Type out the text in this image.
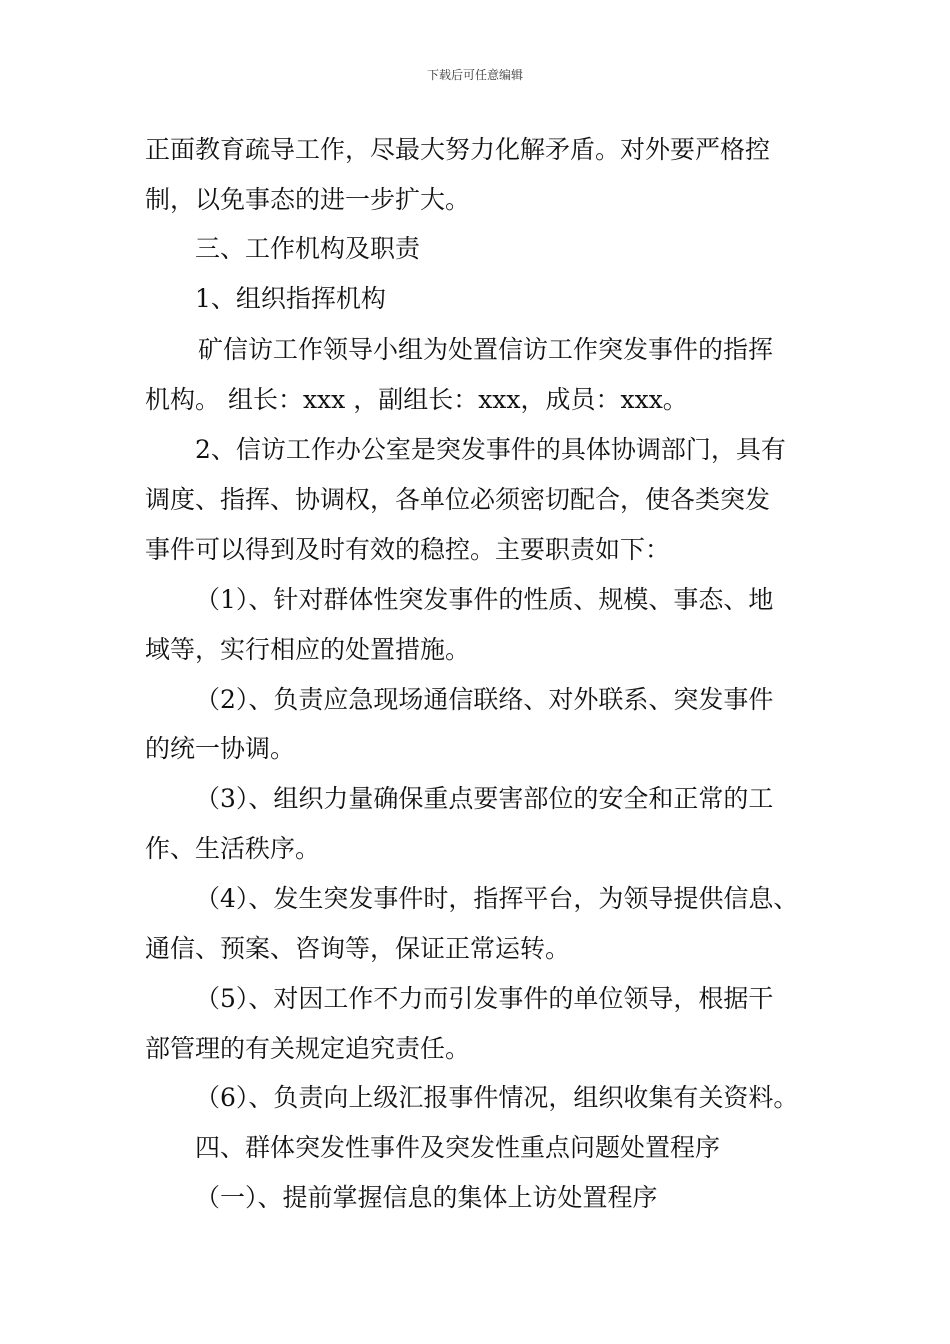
下载后可任意编辑
正面教育疏导工作，尽最大努力化解矛盾。对外要严格控
制，以免事态的进一步扩大。
三、工作机构及职责
1、组织指挥机构
矿信访工作领导小组为处置信访工作突发事件的指挥
机构。 组长：xxx ，副组长：xxx，成员：xxx。
2、信访工作办公室是突发事件的具体协调部门，具有
调度、指挥、协调权，各单位必须密切配合，使各类突发
事件可以得到及时有效的稳控。主要职责如下：
（1）、针对群体性突发事件的性质、规模、事态、地
域等，实行相应的处置措施。
（2）、负责应急现场通信联络、对外联系、突发事件
的统一协调。
（3）、组织力量确保重点要害部位的安全和正常的工
作、生活秩序。
（4）、发生突发事件时，指挥平台，为领导提供信息、
通信、预案、咨询等，保证正常运转。
（5）、对因工作不力而引发事件的单位领导，根据干
部管理的有关规定追究责任。
（6）、负责向上级汇报事件情况，组织收集有关资料。
四、群体突发性事件及突发性重点问题处置程序
（一）、提前掌握信息的集体上访处置程序
